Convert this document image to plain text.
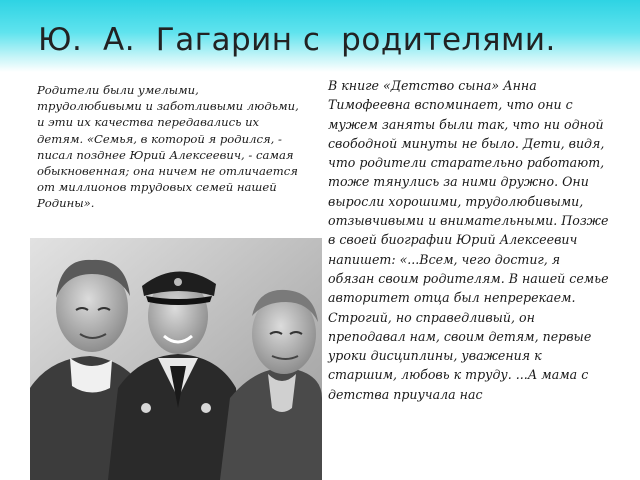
Ю.  А.  Гагарин с  родителями.

Родители были умелыми, трудолюбивыми и заботливыми людьми, и эти их качества передавались их детям. «Семья, в которой я родился, - писал позднее Юрий Алексеевич, - самая обыкновенная; она ничем не отличается от миллионов трудовых семей нашей Родины».

В книге «Детство сына» Анна Тимофеевна вспоминает, что они с мужем заняты были так, что ни одной свободной минуты не было. Дети, видя, что родители старательно работают, тоже тянулись за ними дружно. Они выросли хорошими, трудолюбивыми, отзывчивыми и внимательными. Позже в своей биографии Юрий Алексеевич напишет: «...Всем, чего достиг, я обязан своим родителям. В нашей семье авторитет отца был непререкаем. Строгий, но справедливый, он преподавал нам, своим детям, первые уроки дисциплины, уважения к старшим, любовь к труду. ...А мама с детства приучала нас
